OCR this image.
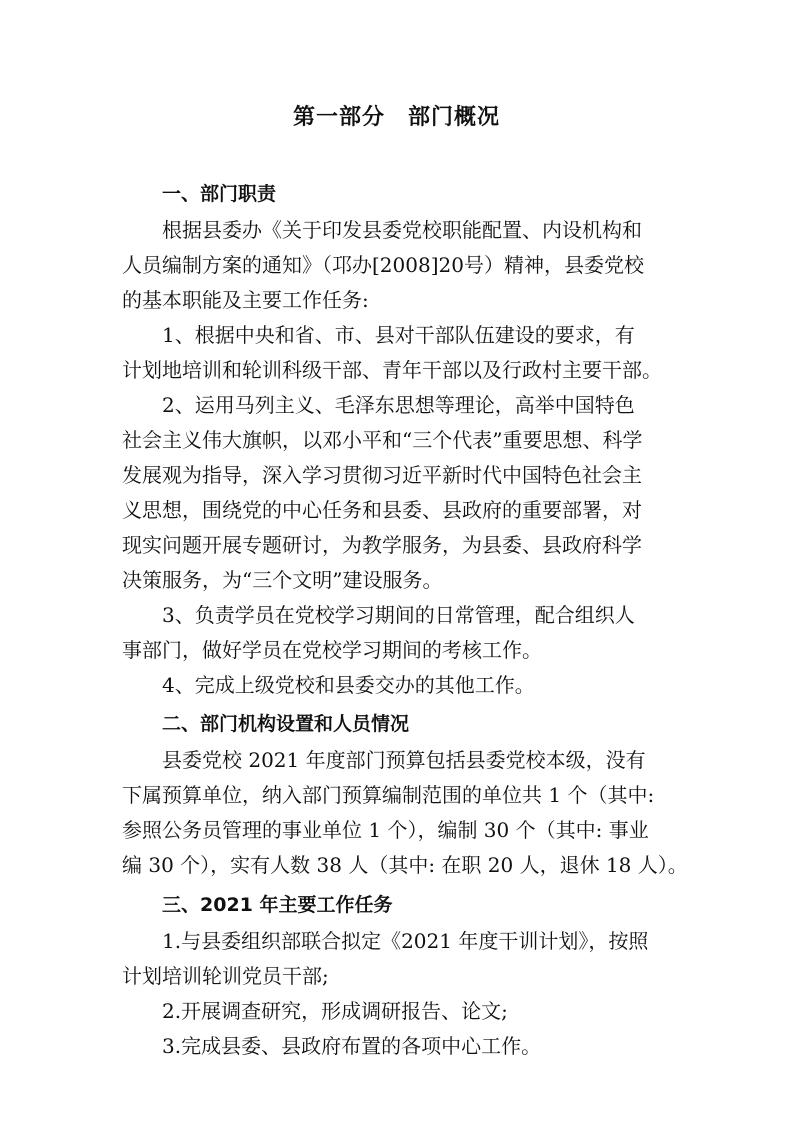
第一部分　部门概况
一、部门职责
根据县委办《关于印发县委党校职能配置、内设机构和
人员编制方案的通知》（邛办[2008]20号）精神，县委党校
的基本职能及主要工作任务:
1、根据中央和省、市、县对干部队伍建设的要求，有
计划地培训和轮训科级干部、青年干部以及行政村主要干部。
2、运用马列主义、毛泽东思想等理论，高举中国特色
社会主义伟大旗帜，以邓小平和“三个代表”重要思想、科学
发展观为指导，深入学习贯彻习近平新时代中国特色社会主
义思想，围绕党的中心任务和县委、县政府的重要部署，对
现实问题开展专题研讨，为教学服务，为县委、县政府科学
决策服务，为“三个文明”建设服务。
3、负责学员在党校学习期间的日常管理，配合组织人
事部门，做好学员在党校学习期间的考核工作。
4、完成上级党校和县委交办的其他工作。
二、部门机构设置和人员情况
县委党校 2021 年度部门预算包括县委党校本级，没有
下属预算单位，纳入部门预算编制范围的单位共 1 个（其中:
参照公务员管理的事业单位 1 个），编制 30 个（其中: 事业
编 30 个），实有人数 38 人（其中: 在职 20 人，退休 18 人）。
三、2021 年主要工作任务
1.与县委组织部联合拟定《2021 年度干训计划》，按照
计划培训轮训党员干部;
2.开展调查研究，形成调研报告、论文;
3.完成县委、县政府布置的各项中心工作。
